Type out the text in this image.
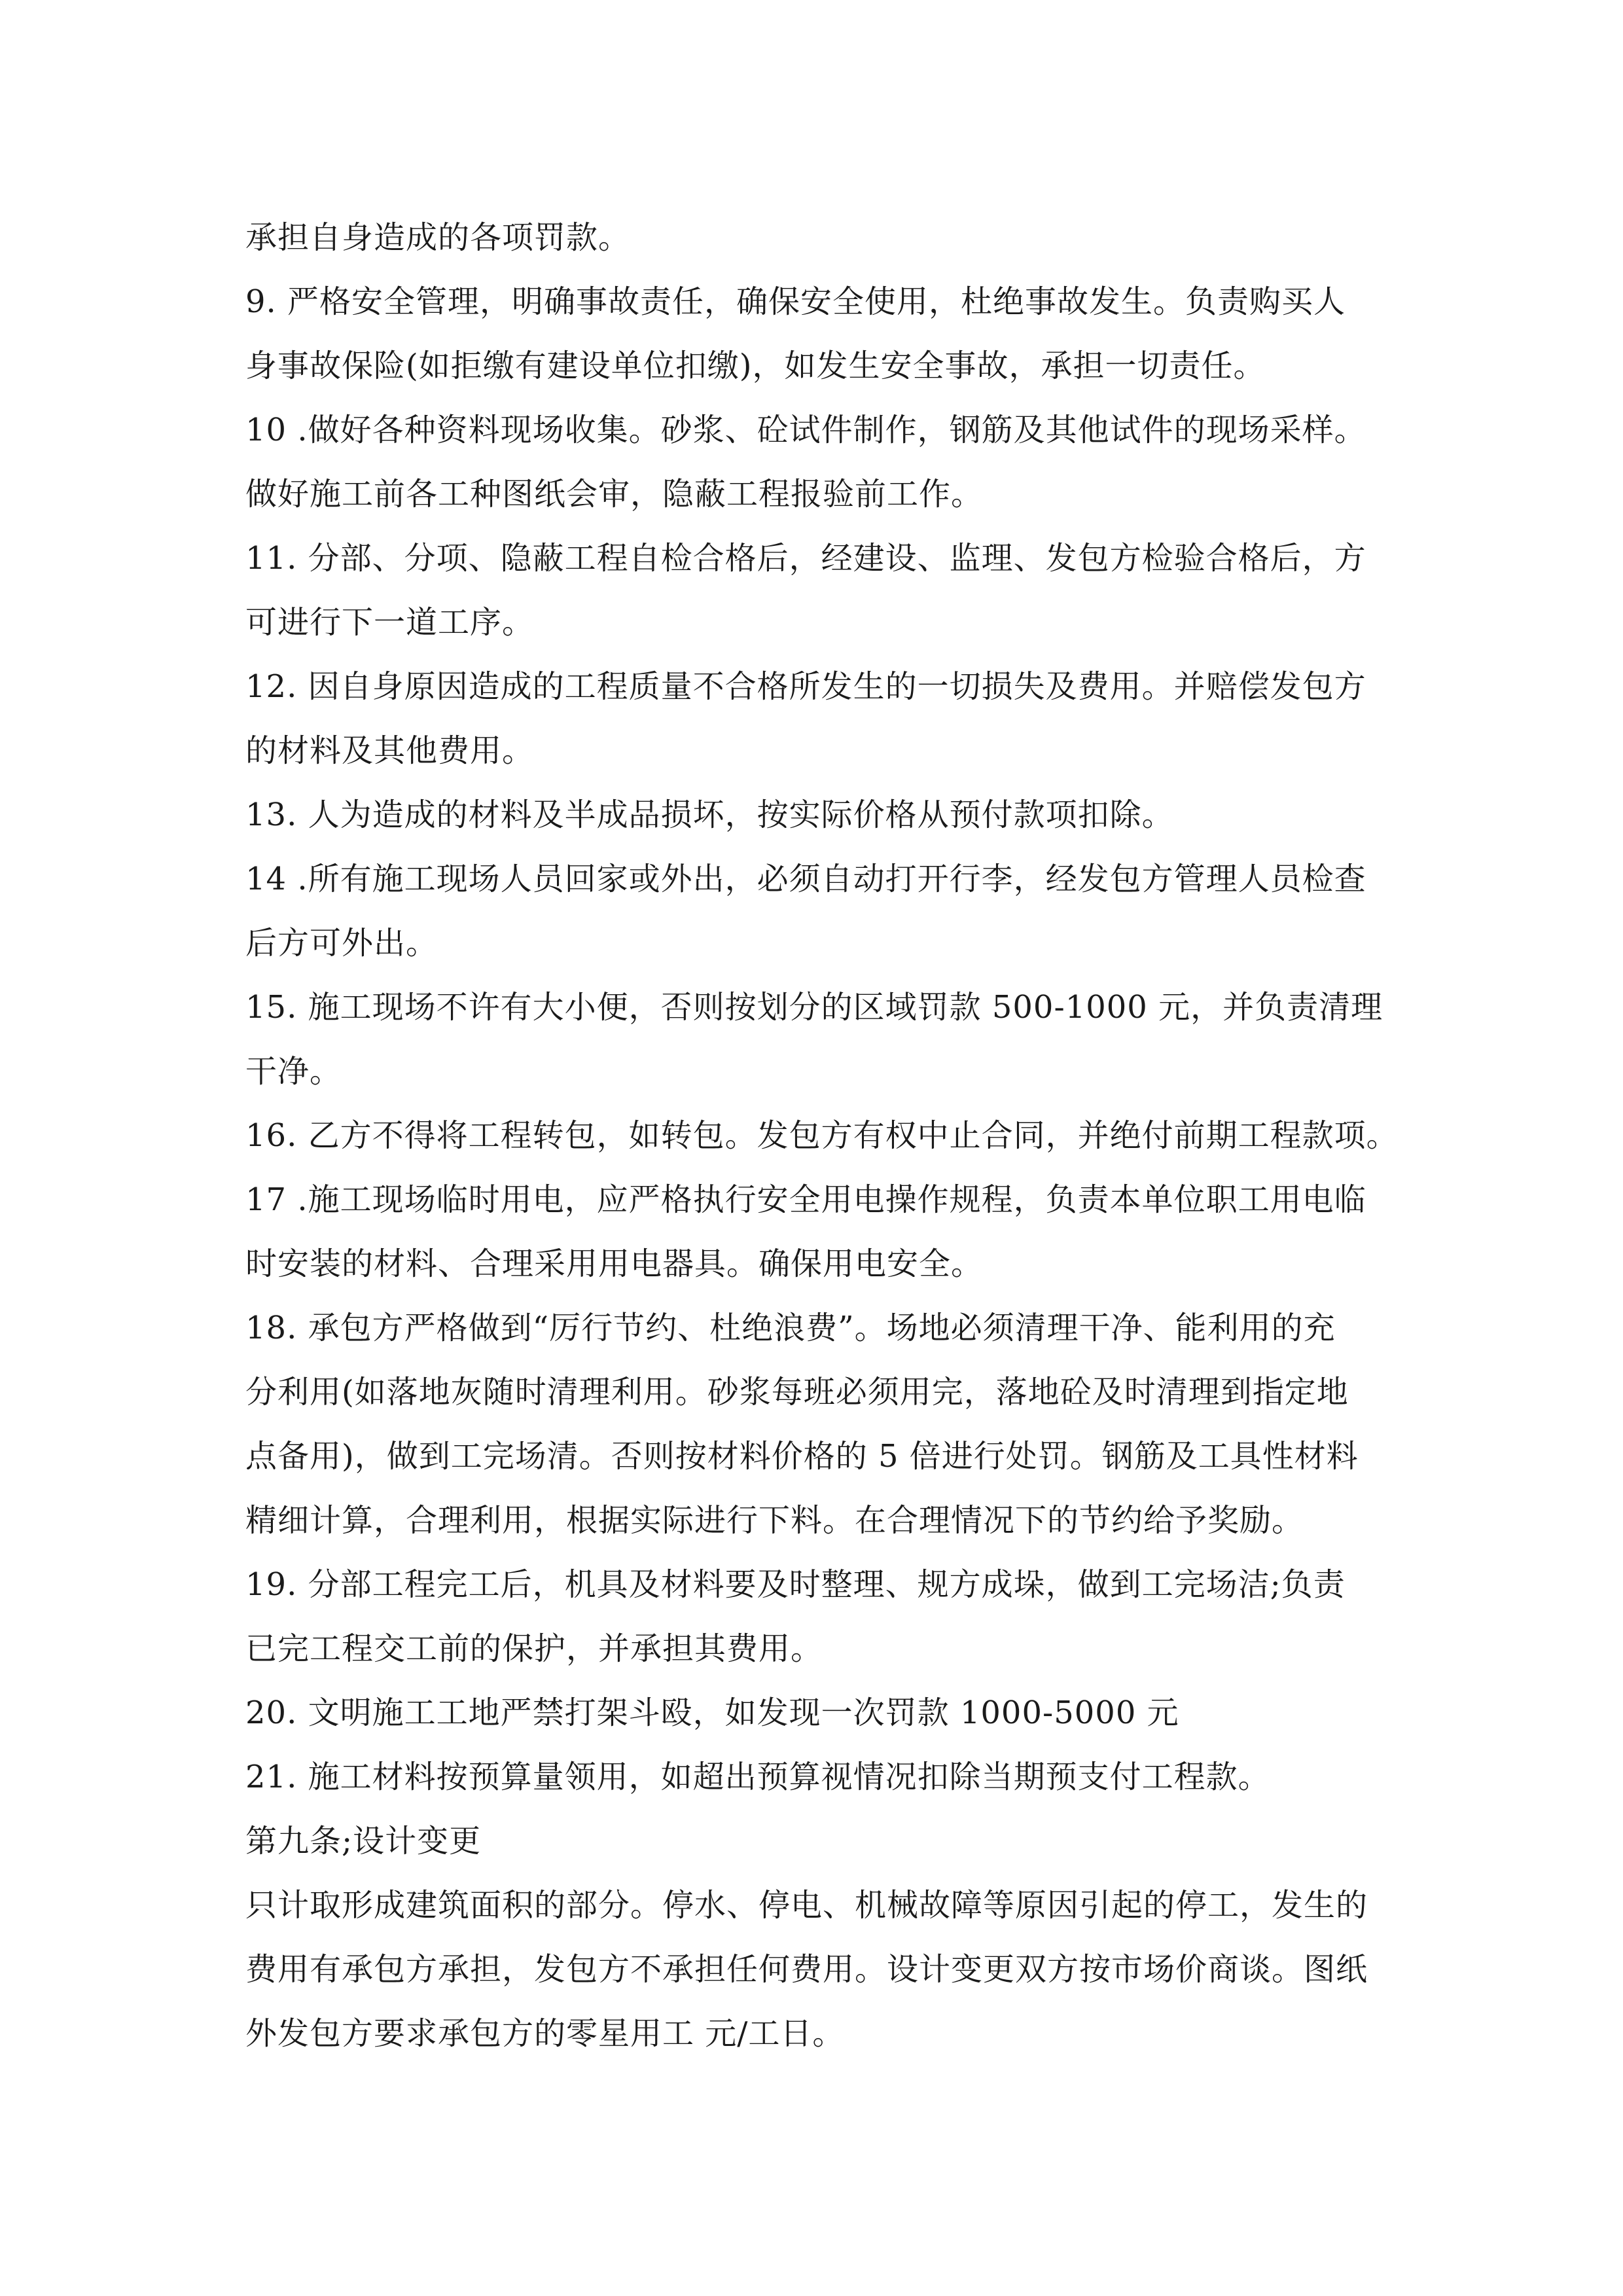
承担自身造成的各项罚款。
9. 严格安全管理，明确事故责任，确保安全使用，杜绝事故发生。负责购买人
身事故保险(如拒缴有建设单位扣缴)，如发生安全事故，承担一切责任。
10 .做好各种资料现场收集。砂浆、砼试件制作，钢筋及其他试件的现场采样。
做好施工前各工种图纸会审，隐蔽工程报验前工作。
11. 分部、分项、隐蔽工程自检合格后，经建设、监理、发包方检验合格后，方
可进行下一道工序。
12. 因自身原因造成的工程质量不合格所发生的一切损失及费用。并赔偿发包方
的材料及其他费用。
13. 人为造成的材料及半成品损坏，按实际价格从预付款项扣除。
14 .所有施工现场人员回家或外出，必须自动打开行李，经发包方管理人员检查
后方可外出。
15. 施工现场不许有大小便，否则按划分的区域罚款 500-1000 元，并负责清理
干净。
16. 乙方不得将工程转包，如转包。发包方有权中止合同，并绝付前期工程款项。
17 .施工现场临时用电，应严格执行安全用电操作规程，负责本单位职工用电临
时安装的材料、合理采用用电器具。确保用电安全。
18. 承包方严格做到“厉行节约、杜绝浪费”。场地必须清理干净、能利用的充
分利用(如落地灰随时清理利用。砂浆每班必须用完，落地砼及时清理到指定地
点备用)，做到工完场清。否则按材料价格的 5 倍进行处罚。钢筋及工具性材料
精细计算，合理利用，根据实际进行下料。在合理情况下的节约给予奖励。
19. 分部工程完工后，机具及材料要及时整理、规方成垛，做到工完场洁;负责
已完工程交工前的保护，并承担其费用。
20. 文明施工工地严禁打架斗殴，如发现一次罚款 1000-5000 元
21. 施工材料按预算量领用，如超出预算视情况扣除当期预支付工程款。
第九条;设计变更
只计取形成建筑面积的部分。停水、停电、机械故障等原因引起的停工，发生的
费用有承包方承担，发包方不承担任何费用。设计变更双方按市场价商谈。图纸
外发包方要求承包方的零星用工 元/工日。
